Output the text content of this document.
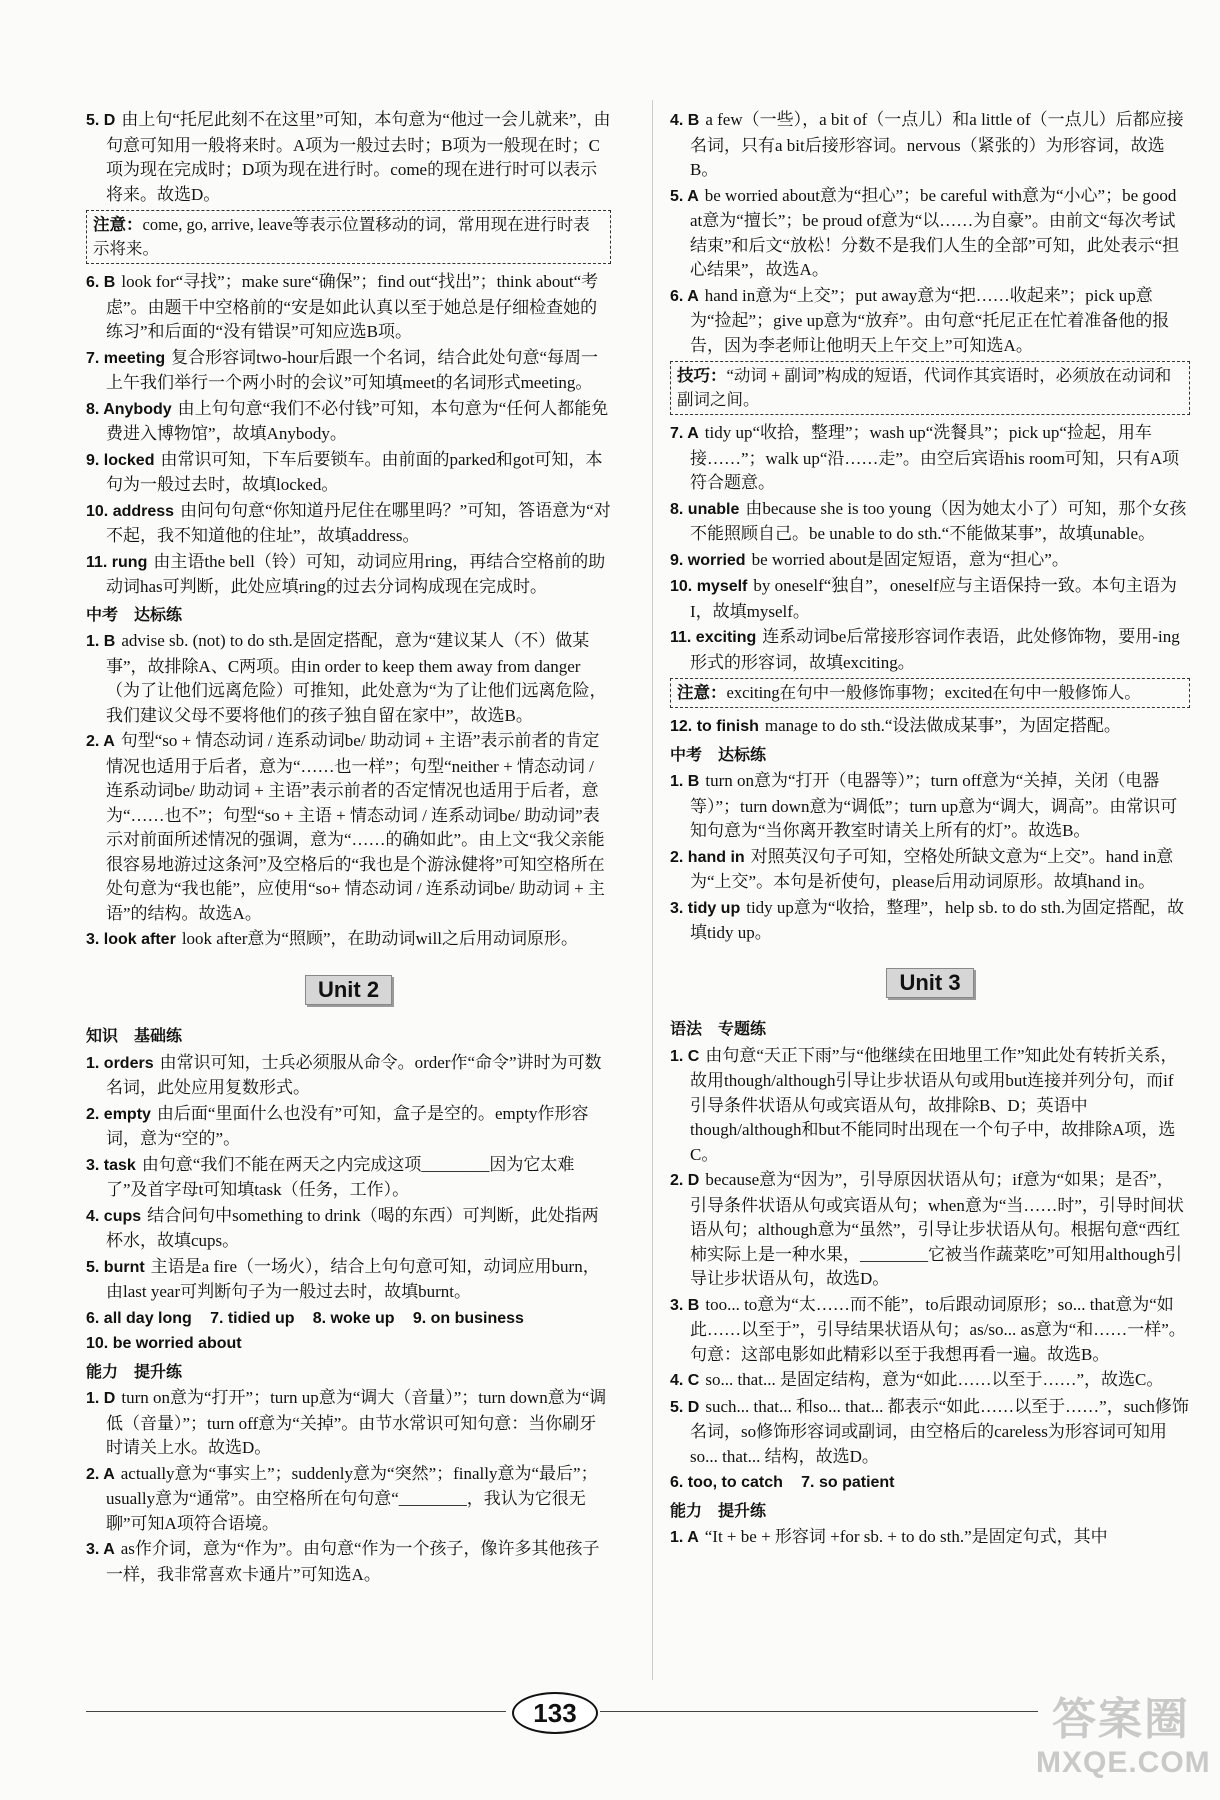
5. D 由上句“托尼此刻不在这里”可知，本句意为“他过一会儿就来”，由句意可知用一般将来时。A项为一般过去时；B项为一般现在时；C项为现在完成时；D项为现在进行时。come的现在进行时可以表示将来。故选D。
注意：come, go, arrive, leave等表示位置移动的词，常用现在进行时表示将来。
6. B look for“寻找”；make sure“确保”；find out“找出”；think about“考虑”。由题干中空格前的“安是如此认真以至于她总是仔细检查她的练习”和后面的“没有错误”可知应选B项。
7. meeting 复合形容词two-hour后跟一个名词，结合此处句意“每周一上午我们举行一个两小时的会议”可知填meet的名词形式meeting。
8. Anybody 由上句句意“我们不必付钱”可知，本句意为“任何人都能免费进入博物馆”，故填Anybody。
9. locked 由常识可知，下车后要锁车。由前面的parked和got可知，本句为一般过去时，故填locked。
10. address 由问句句意“你知道丹尼住在哪里吗？”可知，答语意为“对不起，我不知道他的住址”，故填address。
11. rung 由主语the bell（铃）可知，动词应用ring，再结合空格前的助动词has可判断，此处应填ring的过去分词构成现在完成时。
中考　达标练
1. B advise sb. (not) to do sth.是固定搭配，意为“建议某人（不）做某事”，故排除A、C两项。由in order to keep them away from danger（为了让他们远离危险）可推知，此处意为“为了让他们远离危险，我们建议父母不要将他们的孩子独自留在家中”，故选B。
2. A 句型“so + 情态动词 / 连系动词be/ 助动词 + 主语”表示前者的肯定情况也适用于后者，意为“……也一样”；句型“neither + 情态动词 / 连系动词be/ 助动词 + 主语”表示前者的否定情况也适用于后者，意为“……也不”；句型“so + 主语 + 情态动词 / 连系动词be/ 助动词”表示对前面所述情况的强调，意为“……的确如此”。由上文“我父亲能很容易地游过这条河”及空格后的“我也是个游泳健将”可知空格所在处句意为“我也能”，应使用“so+ 情态动词 / 连系动词be/ 助动词 + 主语”的结构。故选A。
3. look after look after意为“照顾”，在助动词will之后用动词原形。
Unit 2
知识　基础练
1. orders 由常识可知，士兵必须服从命令。order作“命令”讲时为可数名词，此处应用复数形式。
2. empty 由后面“里面什么也没有”可知，盒子是空的。empty作形容词，意为“空的”。
3. task 由句意“我们不能在两天之内完成这项________因为它太难了”及首字母t可知填task（任务，工作）。
4. cups 结合问句中something to drink（喝的东西）可判断，此处指两杯水，故填cups。
5. burnt 主语是a fire（一场火），结合上句句意可知，动词应用burn，由last year可判断句子为一般过去时，故填burnt。
6. all day long 7. tidied up 8. woke up 9. on business
10. be worried about
能力　提升练
1. D turn on意为“打开”；turn up意为“调大（音量）”；turn down意为“调低（音量）”；turn off意为“关掉”。由节水常识可知句意：当你刷牙时请关上水。故选D。
2. A actually意为“事实上”；suddenly意为“突然”；finally意为“最后”；usually意为“通常”。由空格所在句句意“________，我认为它很无聊”可知A项符合语境。
3. A as作介词，意为“作为”。由句意“作为一个孩子，像许多其他孩子一样，我非常喜欢卡通片”可知选A。
4. B a few（一些），a bit of（一点儿）和a little of（一点儿）后都应接名词，只有a bit后接形容词。nervous（紧张的）为形容词，故选B。
5. A be worried about意为“担心”；be careful with意为“小心”；be good at意为“擅长”；be proud of意为“以……为自豪”。由前文“每次考试结束”和后文“放松！分数不是我们人生的全部”可知，此处表示“担心结果”，故选A。
6. A hand in意为“上交”；put away意为“把……收起来”；pick up意为“捡起”；give up意为“放弃”。由句意“托尼正在忙着准备他的报告，因为李老师让他明天上午交上”可知选A。
技巧：“动词 + 副词”构成的短语，代词作其宾语时，必须放在动词和副词之间。
7. A tidy up“收拾，整理”；wash up“洗餐具”；pick up“捡起，用车接……”；walk up“沿……走”。由空后宾语his room可知，只有A项符合题意。
8. unable 由because she is too young（因为她太小了）可知，那个女孩不能照顾自己。be unable to do sth.“不能做某事”，故填unable。
9. worried be worried about是固定短语，意为“担心”。
10. myself by oneself“独自”，oneself应与主语保持一致。本句主语为I，故填myself。
11. exciting 连系动词be后常接形容词作表语，此处修饰物，要用-ing形式的形容词，故填exciting。
注意：exciting在句中一般修饰事物；excited在句中一般修饰人。
12. to finish manage to do sth.“设法做成某事”，为固定搭配。
中考　达标练
1. B turn on意为“打开（电器等）”；turn off意为“关掉，关闭（电器等）”；turn down意为“调低”；turn up意为“调大，调高”。由常识可知句意为“当你离开教室时请关上所有的灯”。故选B。
2. hand in 对照英汉句子可知，空格处所缺文意为“上交”。hand in意为“上交”。本句是祈使句，please后用动词原形。故填hand in。
3. tidy up tidy up意为“收拾，整理”，help sb. to do sth.为固定搭配，故填tidy up。
Unit 3
语法　专题练
1. C 由句意“天正下雨”与“他继续在田地里工作”知此处有转折关系，故用though/although引导让步状语从句或用but连接并列分句，而if引导条件状语从句或宾语从句，故排除B、D；英语中though/although和but不能同时出现在一个句子中，故排除A项，选C。
2. D because意为“因为”，引导原因状语从句；if意为“如果；是否”，引导条件状语从句或宾语从句；when意为“当……时”，引导时间状语从句；although意为“虽然”，引导让步状语从句。根据句意“西红柿实际上是一种水果，________它被当作蔬菜吃”可知用although引导让步状语从句，故选D。
3. B too... to意为“太……而不能”，to后跟动词原形；so... that意为“如此……以至于”，引导结果状语从句；as/so... as意为“和……一样”。句意：这部电影如此精彩以至于我想再看一遍。故选B。
4. C so... that... 是固定结构，意为“如此……以至于……”，故选C。
5. D such... that... 和so... that... 都表示“如此……以至于……”，such修饰名词，so修饰形容词或副词，由空格后的careless为形容词可知用so... that... 结构，故选D。
6. too, to catch 7. so patient
能力　提升练
1. A “It + be + 形容词 +for sb. + to do sth.”是固定句式，其中
133	答案圈
MXQE.COM
